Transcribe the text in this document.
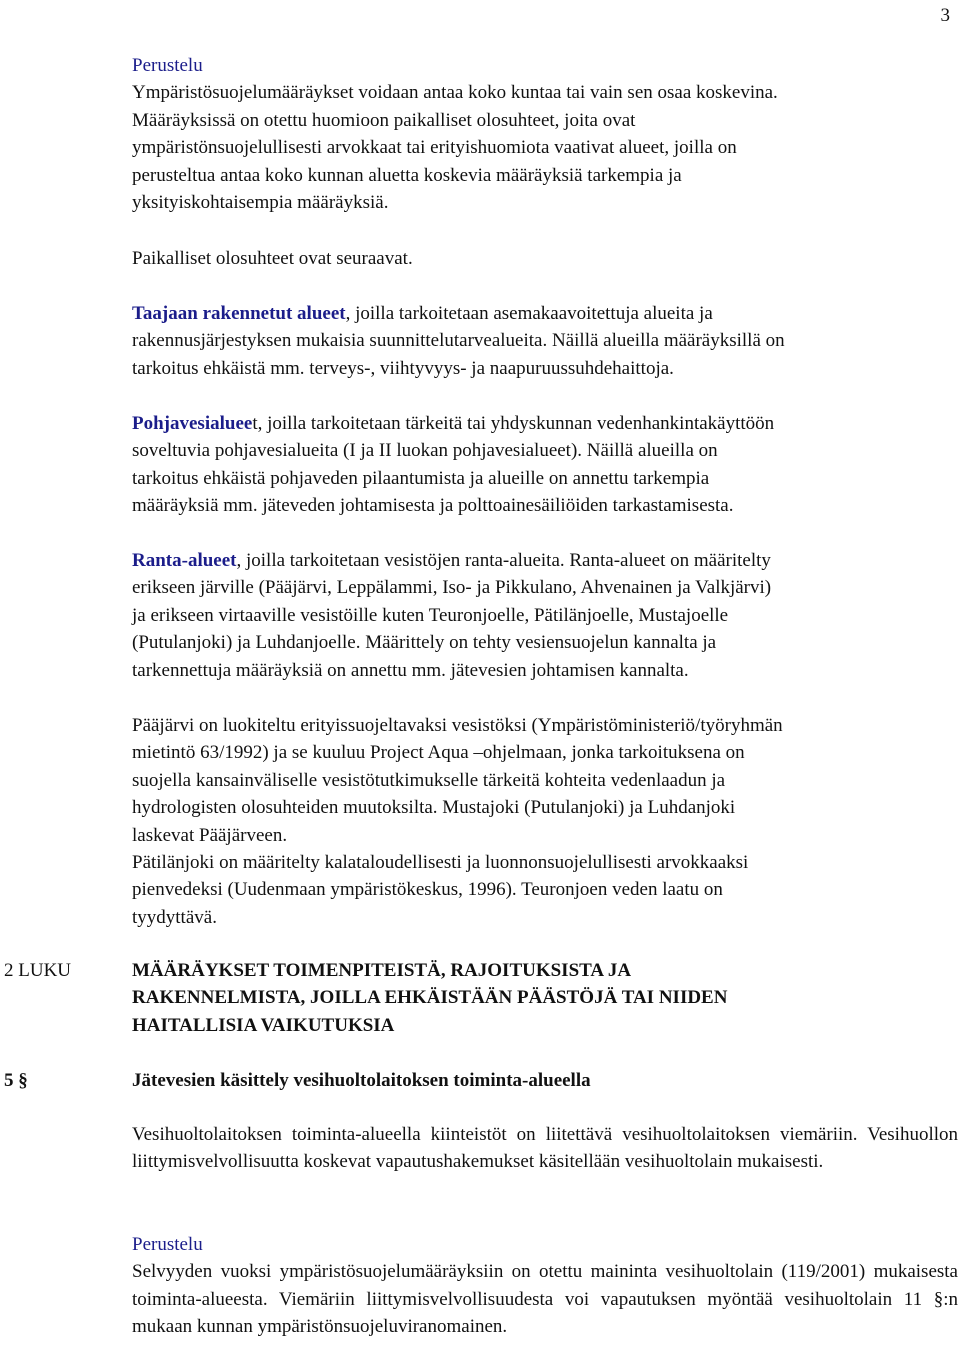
3
Perustelu
Ympäristösuojelumääräykset voidaan antaa koko kuntaa tai vain sen osaa koskevina.
Määräyksissä on otettu huomioon paikalliset olosuhteet, joita ovat
ympäristönsuojelullisesti arvokkaat tai erityishuomiota vaativat alueet, joilla on
perusteltua antaa koko kunnan aluetta koskevia määräyksiä tarkempia ja
yksityiskohtaisempia määräyksiä.
Paikalliset olosuhteet ovat seuraavat.
Taajaan rakennetut alueet, joilla tarkoitetaan asemakaavoitettuja alueita ja
rakennusjärjestyksen mukaisia suunnittelutarvealueita. Näillä alueilla määräyksillä on
tarkoitus ehkäistä mm. terveys-, viihtyvyys- ja naapuruussuhdehaittoja.
Pohjavesialueet, joilla tarkoitetaan tärkeitä tai yhdyskunnan vedenhankintakäyttöön
soveltuvia pohjavesialueita (I ja II luokan pohjavesialueet). Näillä alueilla on
tarkoitus ehkäistä pohjaveden pilaantumista ja alueille on annettu tarkempia
määräyksiä mm. jäteveden johtamisesta ja polttoainesäiliöiden tarkastamisesta.
Ranta-alueet, joilla tarkoitetaan vesistöjen ranta-alueita. Ranta-alueet on määritelty
erikseen järville (Pääjärvi, Leppälammi, Iso- ja Pikkulano, Ahvenainen ja Valkjärvi)
ja erikseen virtaaville vesistöille kuten Teuronjoelle, Pätilänjoelle, Mustajoelle
(Putulanjoki) ja Luhdanjoelle. Määrittely on tehty vesiensuojelun kannalta ja
tarkennettuja määräyksiä on annettu mm. jätevesien johtamisen kannalta.
Pääjärvi on luokiteltu erityissuojeltavaksi vesistöksi (Ympäristöministeriö/työryhmän
mietintö 63/1992) ja se kuuluu Project Aqua –ohjelmaan, jonka tarkoituksena on
suojella kansainväliselle vesistötutkimukselle tärkeitä kohteita vedenlaadun ja
hydrologisten olosuhteiden muutoksilta. Mustajoki (Putulanjoki) ja Luhdanjoki
laskevat Pääjärveen.
Pätilänjoki on määritelty kalataloudellisesti ja luonnonsuojelullisesti arvokkaaksi
pienvedeksi (Uudenmaan ympäristökeskus, 1996). Teuronjoen veden laatu on
tyydyttävä.
2 LUKU	MÄÄRÄYKSET TOIMENPITEISTÄ, RAJOITUKSISTA JA
RAKENNELMISTA, JOILLA EHKÄISTÄÄN PÄÄSTÖJÄ TAI NIIDEN
HAITALLISIA VAIKUTUKSIA
5 §	Jätevesien käsittely vesihuoltolaitoksen toiminta-alueella
Vesihuoltolaitoksen toiminta-alueella kiinteistöt on liitettävä vesihuoltolaitoksen viemäriin. Vesihuollon liittymisvelvollisuutta koskevat vapautushakemukset käsitellään vesihuoltolain mukaisesti.
Perustelu
Selvyyden vuoksi ympäristösuojelumääräyksiin on otettu maininta vesihuoltolain (119/2001) mukaisesta toiminta-alueesta. Viemäriin liittymisvelvollisuudesta voi vapautuksen myöntää vesihuoltolain 11 §:n mukaan kunnan ympäristönsuojeluviranomainen.
